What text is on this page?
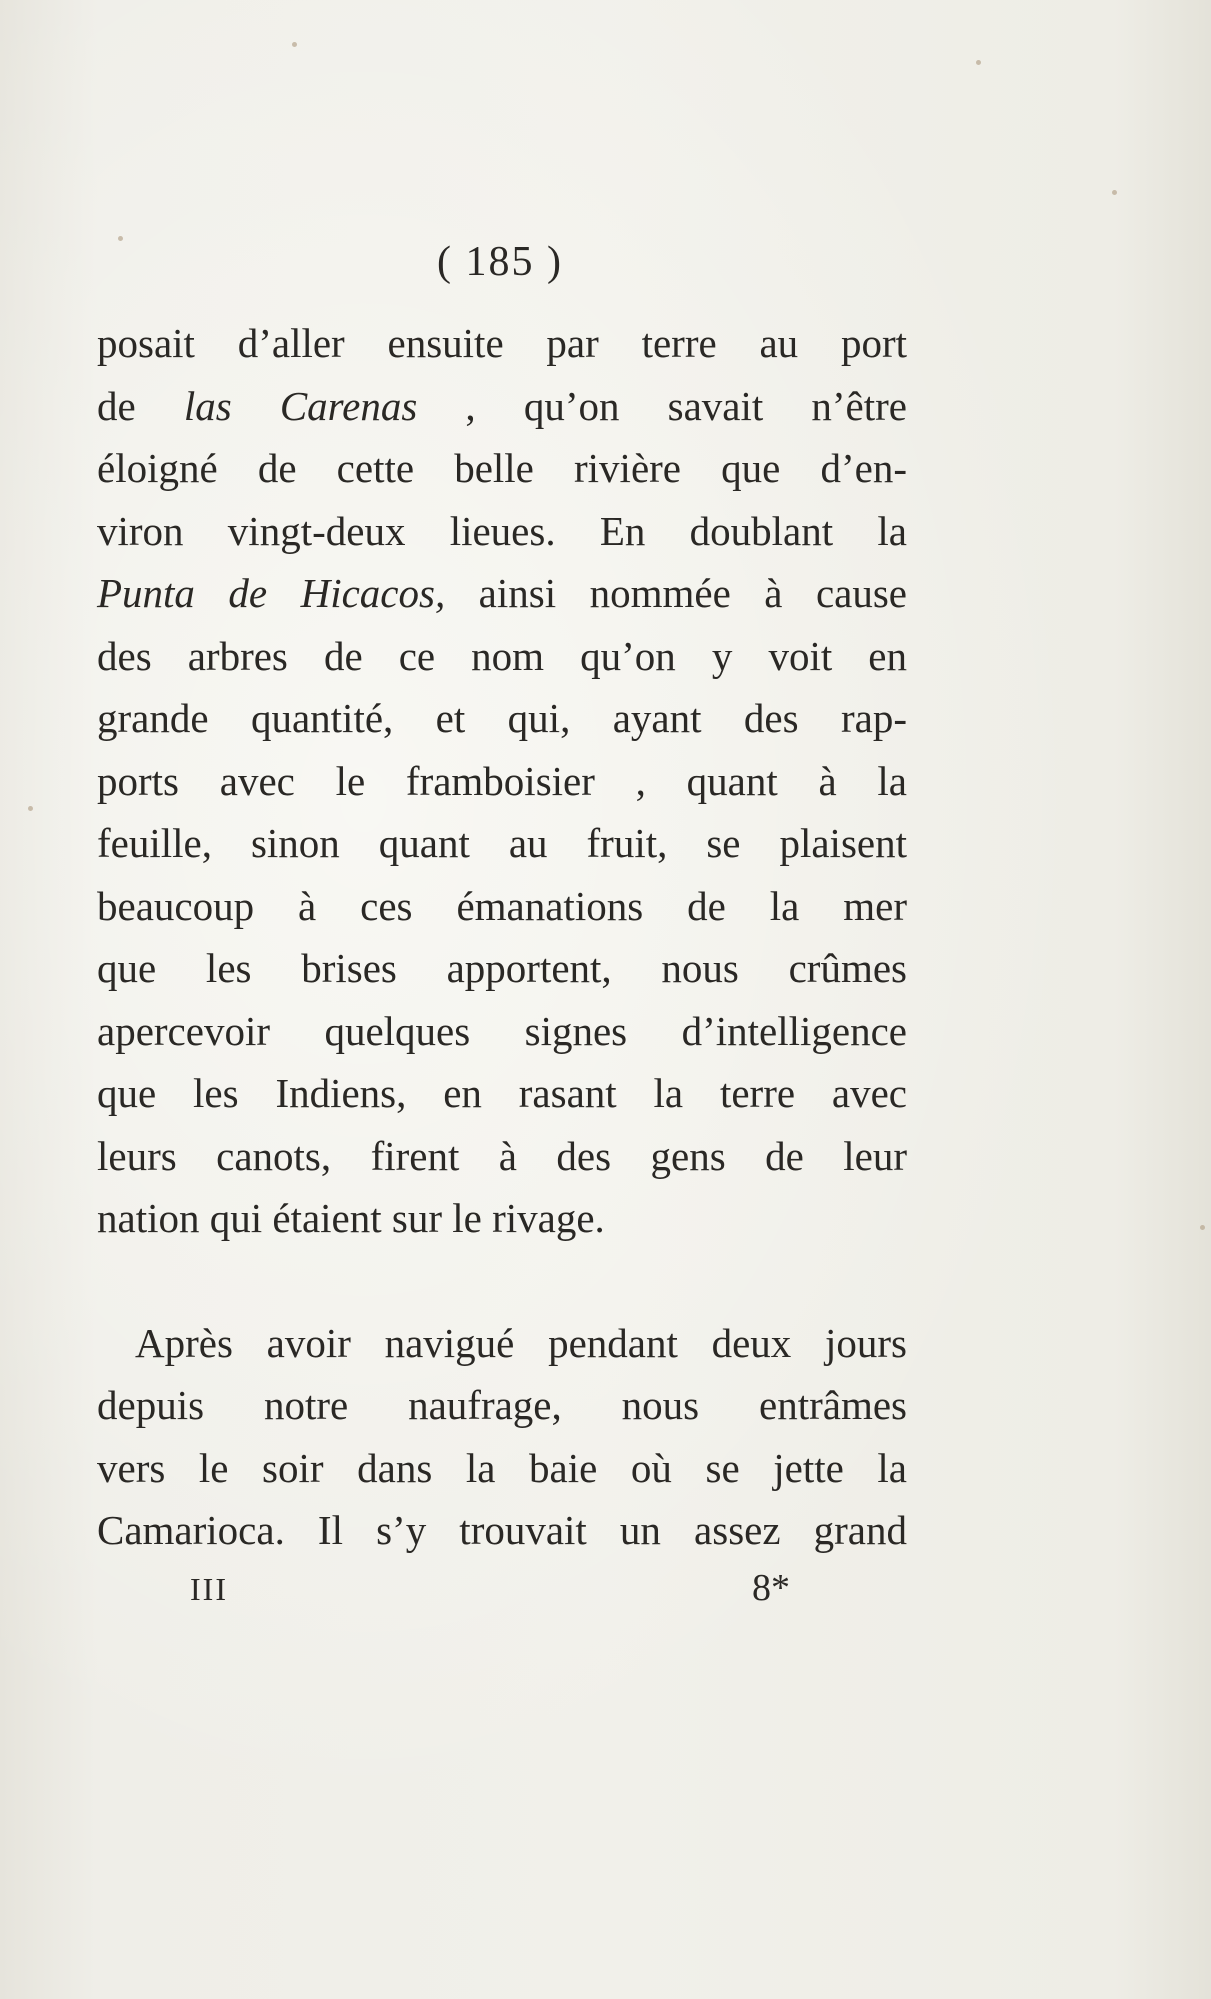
( 185 )
posait d’aller ensuite par terre au port
de las Carenas , qu’on savait n’être
éloigné de cette belle rivière que d’en-
viron vingt-deux lieues. En doublant la
Punta de Hicacos, ainsi nommée à cause
des arbres de ce nom qu’on y voit en
grande quantité, et qui, ayant des rap-
ports avec le framboisier , quant à la
feuille, sinon quant au fruit, se plaisent
beaucoup à ces émanations de la mer
que les brises apportent, nous crûmes
apercevoir quelques signes d’intelligence
que les Indiens, en rasant la terre avec
leurs canots, firent à des gens de leur
nation qui étaient sur le rivage.
Après avoir navigué pendant deux jours
depuis notre naufrage, nous entrâmes
vers le soir dans la baie où se jette la
Camarioca. Il s’y trouvait un assez grand
III	8*
